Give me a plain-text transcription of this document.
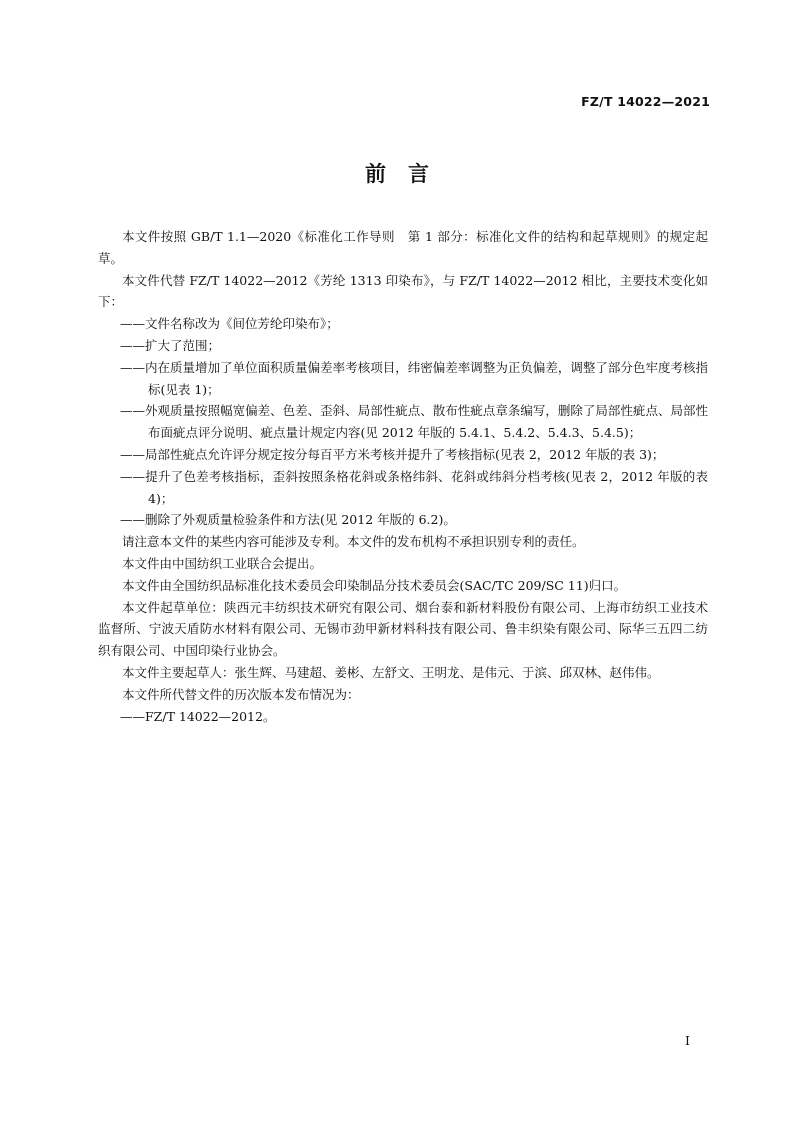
FZ/T 14022—2021
前言

本文件按照 GB/T 1.1—2020《标准化工作导则　第 1 部分：标准化文件的结构和起草规则》的规定起草。

本文件代替 FZ/T 14022—2012《芳纶 1313 印染布》，与 FZ/T 14022—2012 相比，主要技术变化如下：

——文件名称改为《间位芳纶印染布》；

——扩大了范围；

——内在质量增加了单位面积质量偏差率考核项目，纬密偏差率调整为正负偏差，调整了部分色牢度考核指标(见表 1)；

——外观质量按照幅宽偏差、色差、歪斜、局部性疵点、散布性疵点章条编写，删除了局部性疵点、局部性布面疵点评分说明、疵点量计规定内容(见 2012 年版的 5.4.1、5.4.2、5.4.3、5.4.5)；

——局部性疵点允许评分规定按分每百平方米考核并提升了考核指标(见表 2，2012 年版的表 3)；

——提升了色差考核指标，歪斜按照条格花斜或条格纬斜、花斜或纬斜分档考核(见表 2，2012 年版的表 4)；

——删除了外观质量检验条件和方法(见 2012 年版的 6.2)。

请注意本文件的某些内容可能涉及专利。本文件的发布机构不承担识别专利的责任。

本文件由中国纺织工业联合会提出。

本文件由全国纺织品标准化技术委员会印染制品分技术委员会(SAC/TC 209/SC 11)归口。

本文件起草单位：陕西元丰纺织技术研究有限公司、烟台泰和新材料股份有限公司、上海市纺织工业技术监督所、宁波天盾防水材料有限公司、无锡市劲甲新材料科技有限公司、鲁丰织染有限公司、际华三五四二纺织有限公司、中国印染行业协会。

本文件主要起草人：张生辉、马建超、姜彬、左舒文、王明龙、是伟元、于滨、邱双林、赵伟伟。

本文件所代替文件的历次版本发布情况为：

——FZ/T 14022—2012。

I
